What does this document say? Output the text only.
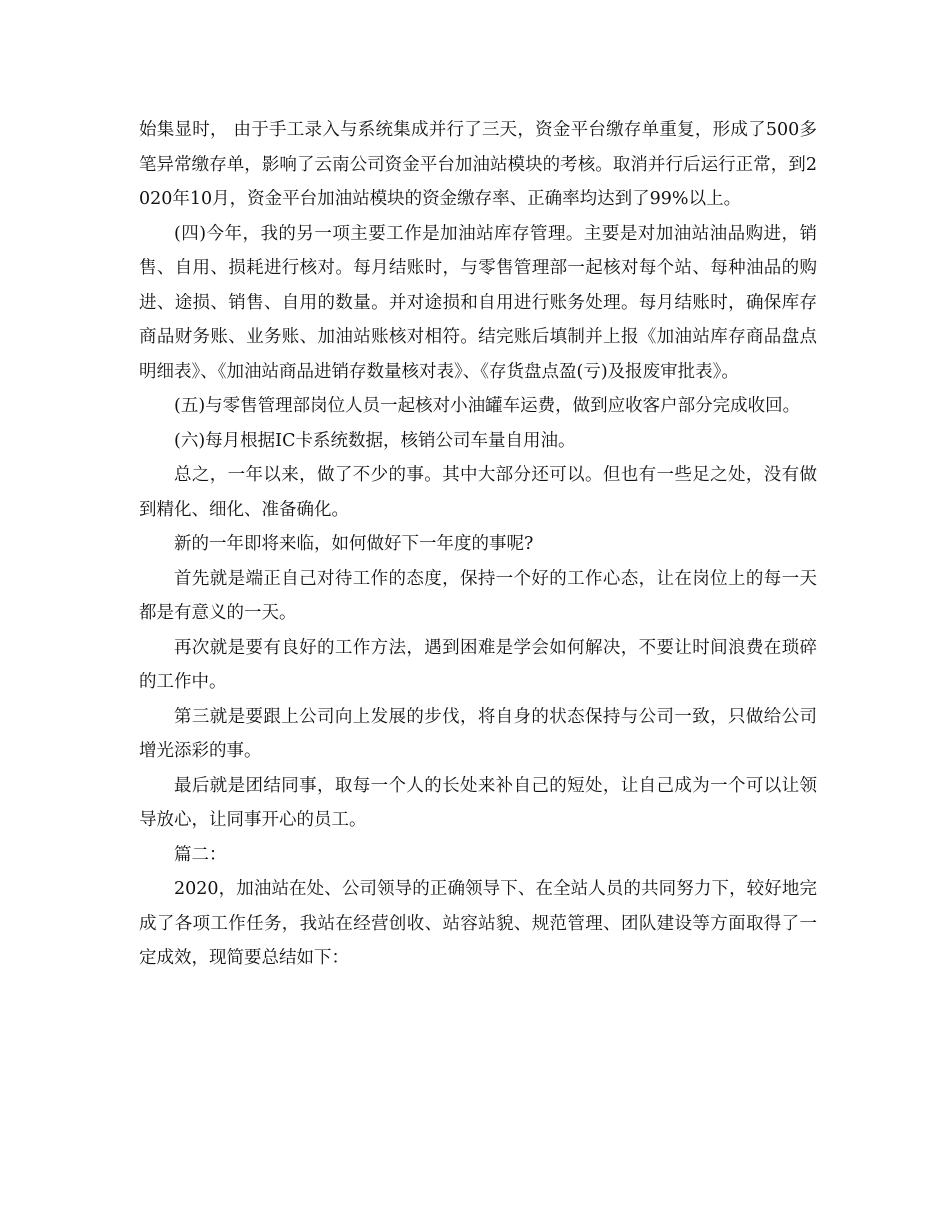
始集显时， 由于手工录入与系统集成并行了三天，资金平台缴存单重复，形成了500多笔异常缴存单，影响了云南公司资金平台加油站模块的考核。取消并行后运行正常，到2020年10月，资金平台加油站模块的资金缴存率、正确率均达到了99%以上。

(四)今年，我的另一项主要工作是加油站库存管理。主要是对加油站油品购进，销售、自用、损耗进行核对。每月结账时，与零售管理部一起核对每个站、每种油品的购进、途损、销售、自用的数量。并对途损和自用进行账务处理。每月结账时，确保库存商品财务账、业务账、加油站账核对相符。结完账后填制并上报《加油站库存商品盘点明细表》、《加油站商品进销存数量核对表》、《存货盘点盈(亏)及报废审批表》。

(五)与零售管理部岗位人员一起核对小油罐车运费，做到应收客户部分完成收回。

(六)每月根据IC卡系统数据，核销公司车量自用油。

总之，一年以来，做了不少的事。其中大部分还可以。但也有一些足之处，没有做到精化、细化、准备确化。

新的一年即将来临，如何做好下一年度的事呢?

首先就是端正自己对待工作的态度，保持一个好的工作心态，让在岗位上的每一天都是有意义的一天。

再次就是要有良好的工作方法，遇到困难是学会如何解决，不要让时间浪费在琐碎的工作中。

第三就是要跟上公司向上发展的步伐，将自身的状态保持与公司一致，只做给公司增光添彩的事。

最后就是团结同事，取每一个人的长处来补自己的短处，让自己成为一个可以让领导放心，让同事开心的员工。

篇二：

2020，加油站在处、公司领导的正确领导下、在全站人员的共同努力下，较好地完成了各项工作任务，我站在经营创收、站容站貌、规范管理、团队建设等方面取得了一定成效，现简要总结如下：
